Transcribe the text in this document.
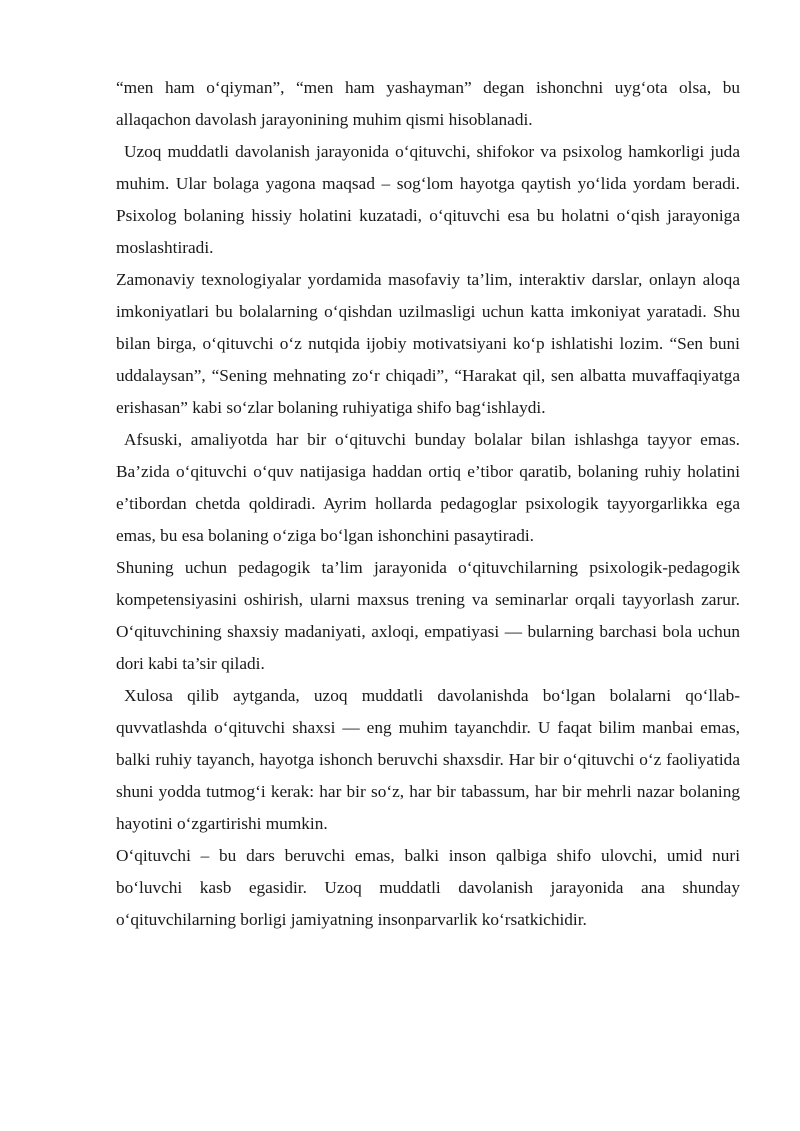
“men ham o‘qiyman”, “men ham yashayman” degan ishonchni uyg‘ota olsa, bu allaqachon davolash jarayonining muhim qismi hisoblanadi.

Uzoq muddatli davolanish jarayonida o‘qituvchi, shifokor va psixolog hamkorligi juda muhim. Ular bolaga yagona maqsad – sog‘lom hayotga qaytish yo‘lida yordam beradi. Psixolog bolaning hissiy holatini kuzatadi, o‘qituvchi esa bu holatni o‘qish jarayoniga moslashtiradi.

Zamonaviy texnologiyalar yordamida masofaviy ta’lim, interaktiv darslar, onlayn aloqa imkoniyatlari bu bolalarning o‘qishdan uzilmasligi uchun katta imkoniyat yaratadi. Shu bilan birga, o‘qituvchi o‘z nutqida ijobiy motivatsiyani ko‘p ishlatishi lozim. “Sen buni uddalaysan”, “Sening mehnating zo‘r chiqadi”, “Harakat qil, sen albatta muvaffaqiyatga erishasan” kabi so‘zlar bolaning ruhiyatiga shifo bag‘ishlaydi.

Afsuski, amaliyotda har bir o‘qituvchi bunday bolalar bilan ishlashga tayyor emas. Ba’zida o‘qituvchi o‘quv natijasiga haddan ortiq e’tibor qaratib, bolaning ruhiy holatini e’tibordan chetda qoldiradi. Ayrim hollarda pedagoglar psixologik tayyorgarlikka ega emas, bu esa bolaning o‘ziga bo‘lgan ishonchini pasaytiradi.

Shuning uchun pedagogik ta’lim jarayonida o‘qituvchilarning psixologik-pedagogik kompetensiyasini oshirish, ularni maxsus trening va seminarlar orqali tayyorlash zarur. O‘qituvchining shaxsiy madaniyati, axloqi, empatiyasi — bularning barchasi bola uchun dori kabi ta’sir qiladi.

Xulosa qilib aytganda, uzoq muddatli davolanishda bo‘lgan bolalarni qo‘llab-quvvatlashda o‘qituvchi shaxsi — eng muhim tayanchdir. U faqat bilim manbai emas, balki ruhiy tayanch, hayotga ishonch beruvchi shaxsdir. Har bir o‘qituvchi o‘z faoliyatida shuni yodda tutmog‘i kerak: har bir so‘z, har bir tabassum, har bir mehrli nazar bolaning hayotini o‘zgartirishi mumkin.

O‘qituvchi – bu dars beruvchi emas, balki inson qalbiga shifo ulovchi, umid nuri bo‘luvchi kasb egasidir. Uzoq muddatli davolanish jarayonida ana shunday o‘qituvchilarning borligi jamiyatning insonparvarlik ko‘rsatkichidir.
